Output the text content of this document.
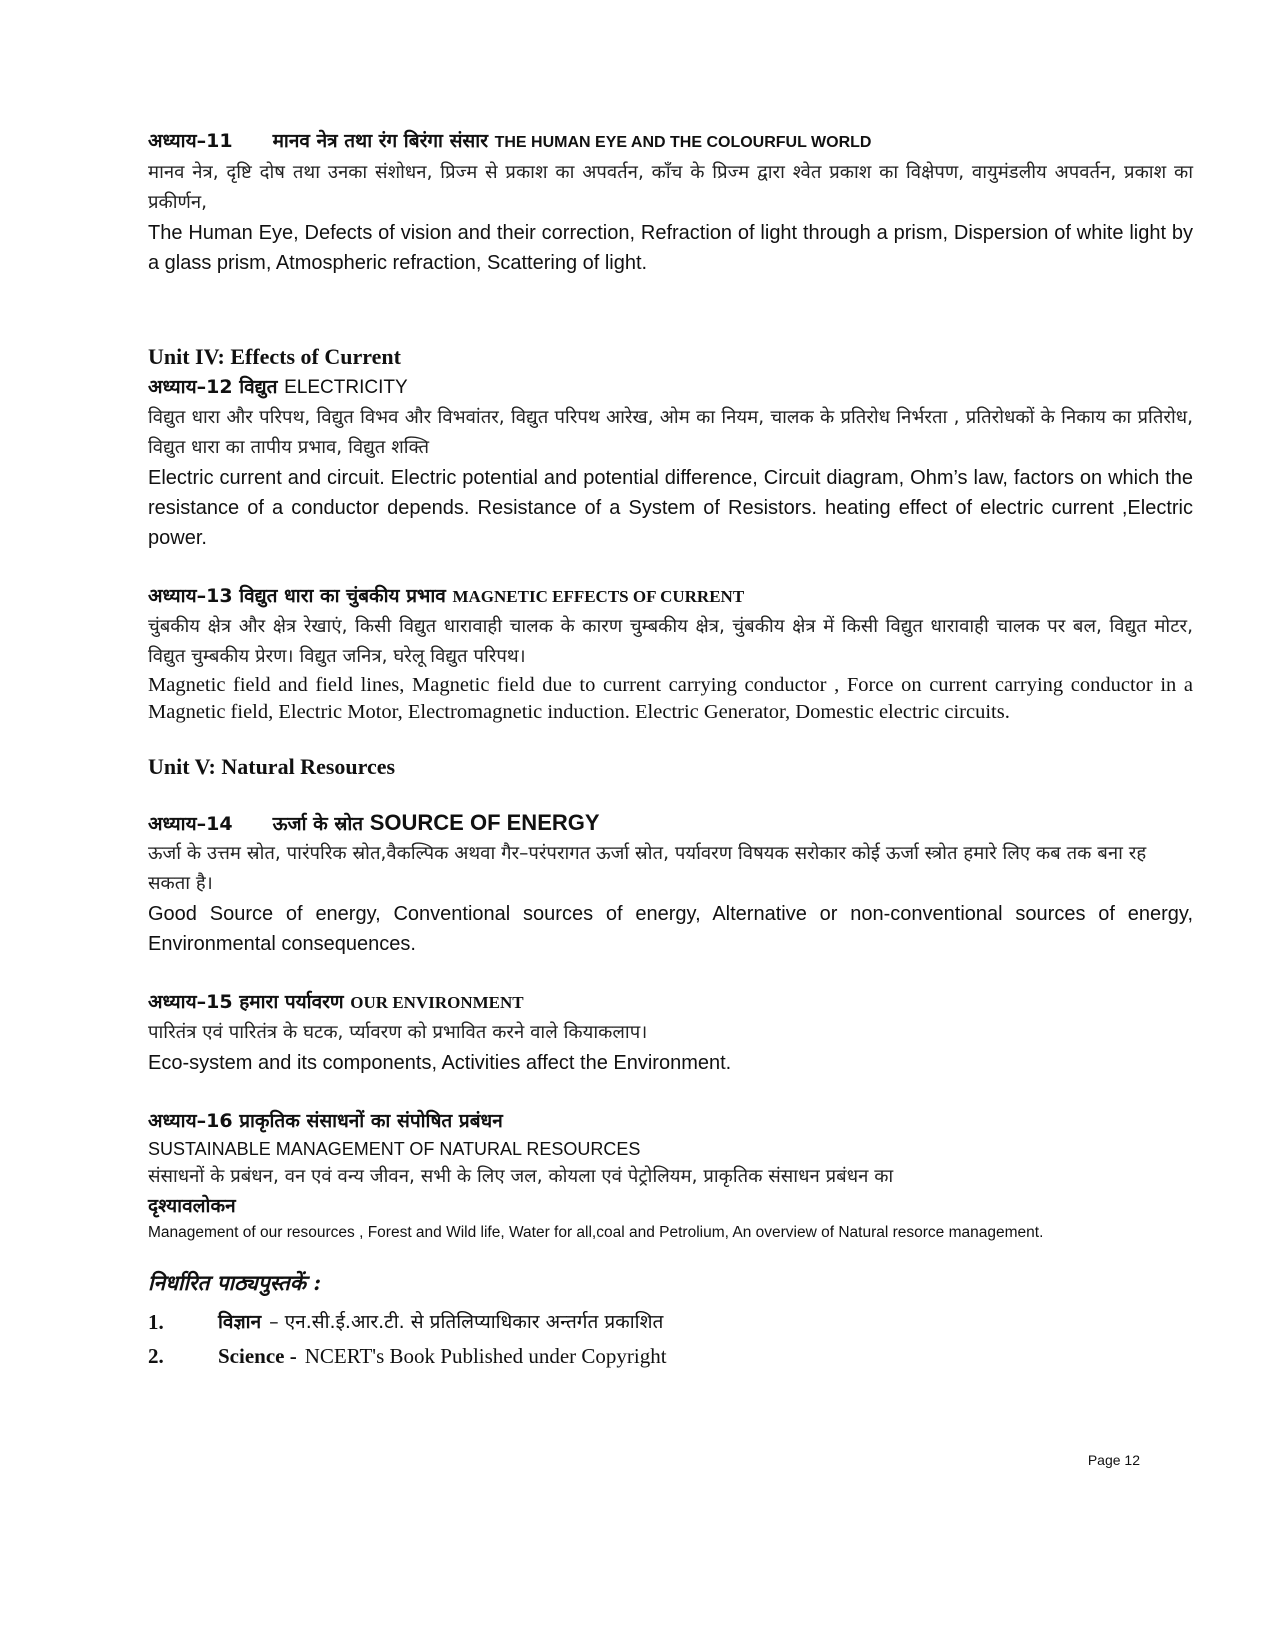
अध्याय–11 मानव नेत्र तथा रंग बिरंगा संसार THE HUMAN EYE AND THE COLOURFUL WORLD

मानव नेत्र, दृष्टि दोष तथा उनका संशोधन, प्रिज्म से प्रकाश का अपवर्तन, काँच के प्रिज्म द्वारा श्वेत प्रकाश का विक्षेपण, वायुमंडलीय अपवर्तन, प्रकाश का प्रकीर्णन,

The Human Eye, Defects of vision and their correction, Refraction of light through a prism, Dispersion of white light by a glass prism, Atmospheric refraction, Scattering of light.

Unit IV: Effects of Current

अध्याय–12 विद्युत ELECTRICITY

विद्युत धारा और परिपथ, विद्युत विभव और विभवांतर, विद्युत परिपथ आरेख, ओम का नियम, चालक के प्रतिरोध निर्भरता , प्रतिरोधकों के निकाय का प्रतिरोध, विद्युत धारा का तापीय प्रभाव, विद्युत शक्ति

Electric current and circuit. Electric potential and potential difference, Circuit diagram, Ohm’s law, factors on which the resistance of a conductor depends. Resistance of a System of Resistors. heating effect of electric current ,Electric power.

अध्याय–13 विद्युत धारा का चुंबकीय प्रभाव MAGNETIC EFFECTS OF CURRENT

चुंबकीय क्षेत्र और क्षेत्र रेखाएं, किसी विद्युत धारावाही चालक के कारण चुम्बकीय क्षेत्र, चुंबकीय क्षेत्र में किसी विद्युत धारावाही चालक पर बल, विद्युत मोटर, विद्युत चुम्बकीय प्रेरण। विद्युत जनित्र, घरेलू विद्युत परिपथ।

Magnetic field and field lines, Magnetic field due to current carrying conductor , Force on current carrying conductor in a Magnetic field, Electric Motor, Electromagnetic induction. Electric Generator, Domestic electric circuits.

Unit V: Natural Resources

अध्याय–14 ऊर्जा के स्रोत SOURCE OF ENERGY

ऊर्जा के उत्तम स्रोत, पारंपरिक स्रोत,वैकल्पिक अथवा गैर–परंपरागत ऊर्जा स्रोत, पर्यावरण विषयक सरोकार कोई ऊर्जा स्त्रोत हमारे लिए कब तक बना रह सकता है।

Good Source of energy, Conventional sources of energy, Alternative or non-conventional sources of energy, Environmental consequences.

अध्याय–15 हमारा पर्यावरण OUR ENVIRONMENT

पारितंत्र एवं पारितंत्र के घटक, र्प्यावरण को प्रभावित करने वाले कियाकलाप।

Eco-system and its components, Activities affect the Environment.

अध्याय–16 प्राकृतिक संसाधनों का संपोषित प्रबंधन

SUSTAINABLE MANAGEMENT OF NATURAL RESOURCES

संसाधनों के प्रबंधन, वन एवं वन्य जीवन, सभी के लिए जल, कोयला एवं पेट्रोलियम, प्राकृतिक संसाधन प्रबंधन का

दृश्यावलोकन

Management of our resources , Forest and Wild life, Water for all,coal and Petrolium, An overview of Natural resorce management.

निर्धारित पाठ्यपुस्तकें :

1.	विज्ञान – एन.सी.ई.आर.टी. से प्रतिलिप्याधिकार अन्तर्गत प्रकाशित

2.	Science - NCERT's Book Published under Copyright

Page 12
